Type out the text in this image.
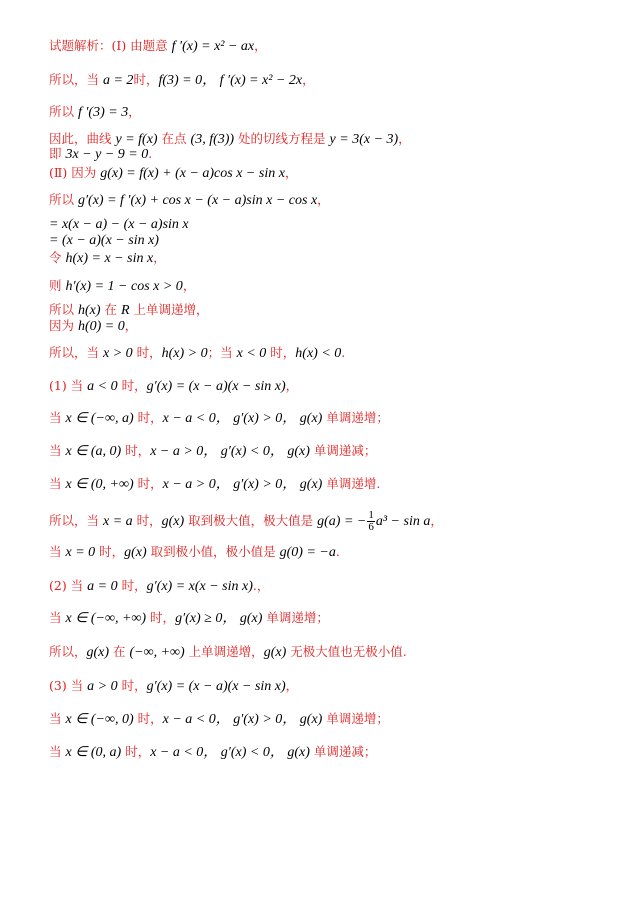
试题解析：(Ⅰ) 由题意 f ′(x) = x² − ax，
所以，当 a = 2时，f(3) = 0， f ′(x) = x² − 2x，
所以 f ′(3) = 3，
因此，曲线 y = f(x) 在点 (3, f(3)) 处的切线方程是 y = 3(x − 3)，
即 3x − y − 9 = 0.
(Ⅱ) 因为 g(x) = f(x) + (x − a)cos x − sin x，
所以 g′(x) = f ′(x) + cos x − (x − a)sin x − cos x，
= x(x − a) − (x − a)sin x
= (x − a)(x − sin x)
令 h(x) = x − sin x，
则 h′(x) = 1 − cos x > 0，
所以 h(x) 在 R 上单调递增，
因为 h(0) = 0，
所以，当 x > 0 时，h(x) > 0；当 x < 0 时，h(x) < 0.
(1) 当 a < 0 时，g′(x) = (x − a)(x − sin x)，
当 x ∈ (−∞, a) 时，x − a < 0， g′(x) > 0， g(x) 单调递增；
当 x ∈ (a, 0) 时，x − a > 0， g′(x) < 0， g(x) 单调递减；
当 x ∈ (0, +∞) 时，x − a > 0， g′(x) > 0， g(x) 单调递增.
所以，当 x = a 时，g(x) 取到极大值，极大值是 g(a) = − $\frac{1}{6} a^3 - \sin a$，
当 x = 0 时，g(x) 取到极小值，极小值是 g(0) = −a.
(2) 当 a = 0 时，g′(x) = x(x − sin x).，
当 x ∈ (−∞, +∞) 时，g′(x) ≥ 0， g(x) 单调递增；
所以，g(x) 在 (−∞, +∞) 上单调递增，g(x) 无极大值也无极小值.
(3) 当 a > 0 时，g′(x) = (x − a)(x − sin x)，
当 x ∈ (−∞, 0) 时，x − a < 0， g′(x) > 0， g(x) 单调递增；
当 x ∈ (0, a) 时，x − a < 0， g′(x) < 0， g(x) 单调递减；
